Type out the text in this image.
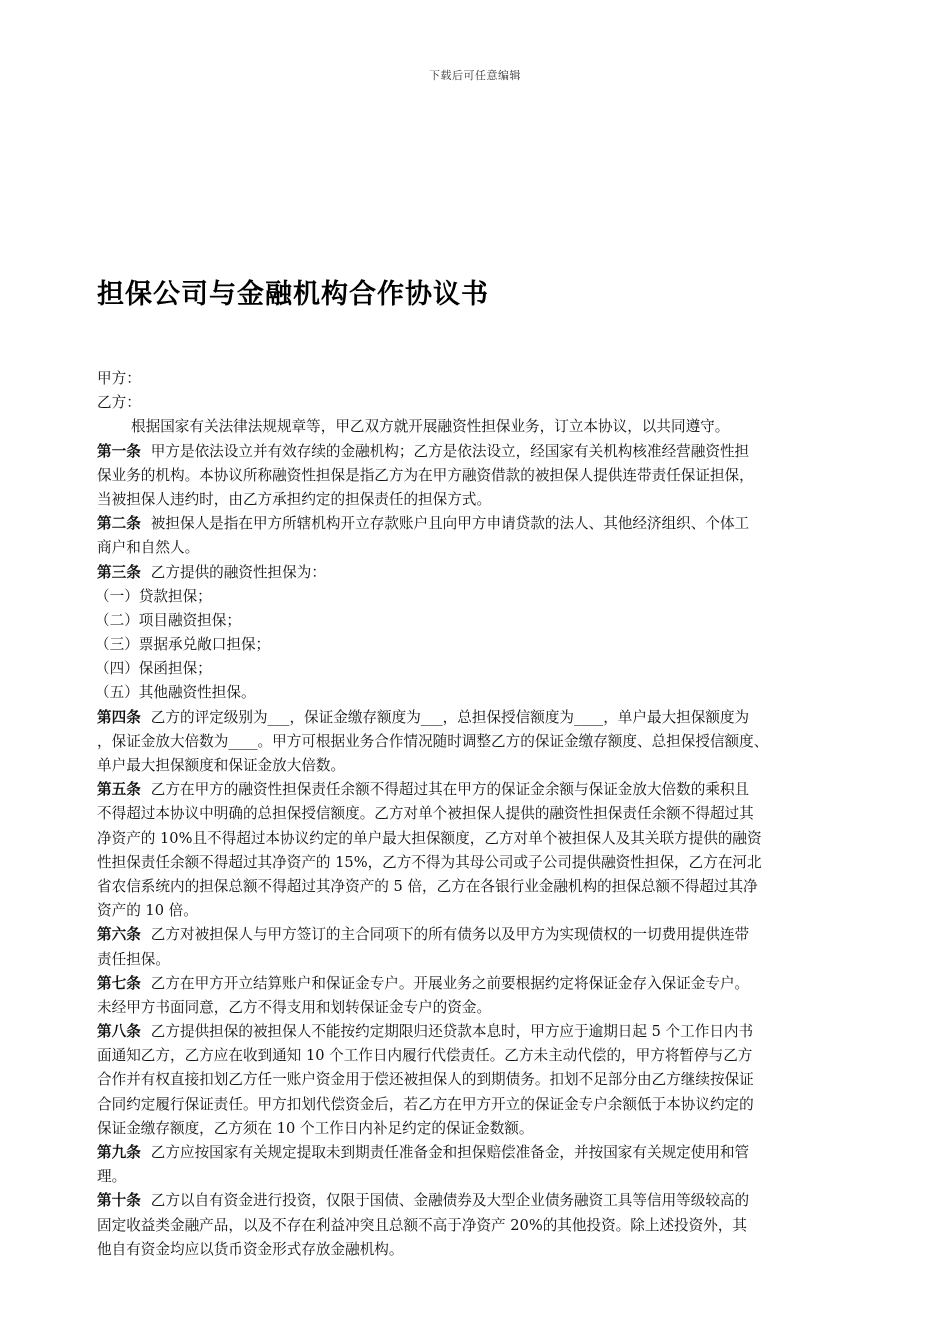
下载后可任意编辑
担保公司与金融机构合作协议书
甲方：
乙方：
根据国家有关法律法规规章等，甲乙双方就开展融资性担保业务，订立本协议，以共同遵守。
第一条 甲方是依法设立并有效存续的金融机构；乙方是依法设立，经国家有关机构核准经营融资性担
保业务的机构。本协议所称融资性担保是指乙方为在甲方融资借款的被担保人提供连带责任保证担保，
当被担保人违约时，由乙方承担约定的担保责任的担保方式。
第二条 被担保人是指在甲方所辖机构开立存款账户且向甲方申请贷款的法人、其他经济组织、个体工
商户和自然人。
第三条 乙方提供的融资性担保为：
（一）贷款担保；
（二）项目融资担保；
（三）票据承兑敞口担保；
（四）保函担保；
（五）其他融资性担保。
第四条 乙方的评定级别为___，保证金缴存额度为___，总担保授信额度为____，单户最大担保额度为
，保证金放大倍数为____。甲方可根据业务合作情况随时调整乙方的保证金缴存额度、总担保授信额度、
单户最大担保额度和保证金放大倍数。
第五条 乙方在甲方的融资性担保责任余额不得超过其在甲方的保证金余额与保证金放大倍数的乘积且
不得超过本协议中明确的总担保授信额度。乙方对单个被担保人提供的融资性担保责任余额不得超过其
净资产的 10%且不得超过本协议约定的单户最大担保额度，乙方对单个被担保人及其关联方提供的融资
性担保责任余额不得超过其净资产的 15%，乙方不得为其母公司或子公司提供融资性担保，乙方在河北
省农信系统内的担保总额不得超过其净资产的 5 倍，乙方在各银行业金融机构的担保总额不得超过其净
资产的 10 倍。
第六条 乙方对被担保人与甲方签订的主合同项下的所有债务以及甲方为实现债权的一切费用提供连带
责任担保。
第七条 乙方在甲方开立结算账户和保证金专户。开展业务之前要根据约定将保证金存入保证金专户。
未经甲方书面同意，乙方不得支用和划转保证金专户的资金。
第八条 乙方提供担保的被担保人不能按约定期限归还贷款本息时，甲方应于逾期日起 5 个工作日内书
面通知乙方，乙方应在收到通知 10 个工作日内履行代偿责任。乙方未主动代偿的，甲方将暂停与乙方
合作并有权直接扣划乙方任一账户资金用于偿还被担保人的到期债务。扣划不足部分由乙方继续按保证
合同约定履行保证责任。甲方扣划代偿资金后，若乙方在甲方开立的保证金专户余额低于本协议约定的
保证金缴存额度，乙方须在 10 个工作日内补足约定的保证金数额。
第九条 乙方应按国家有关规定提取未到期责任准备金和担保赔偿准备金，并按国家有关规定使用和管
理。
第十条 乙方以自有资金进行投资，仅限于国债、金融债券及大型企业债务融资工具等信用等级较高的
固定收益类金融产品，以及不存在利益冲突且总额不高于净资产 20%的其他投资。除上述投资外，其
他自有资金均应以货币资金形式存放金融机构。
